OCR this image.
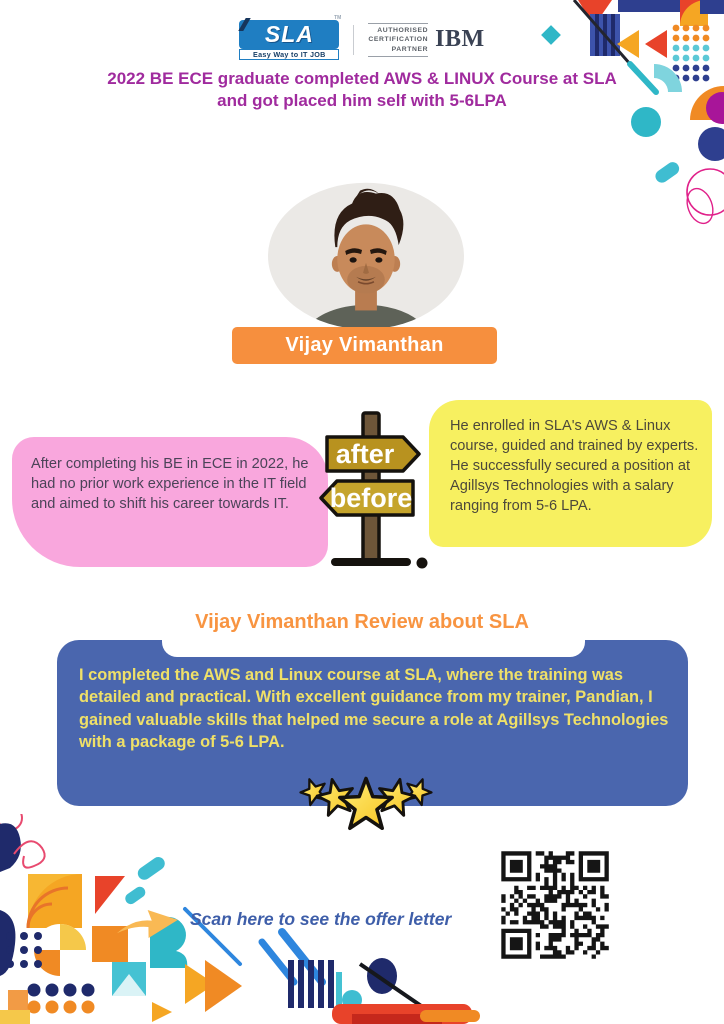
SLA
TM
Easy Way to IT JOB
AUTHORISED
CERTIFICATION
PARTNER IBM
2022 BE ECE graduate completed AWS & LINUX Course at SLA
and got placed him self with 5-6LPA
Vijay Vimanthan

After completing his BE in ECE in 2022, he had no prior work experience in the IT field and aimed to shift his career towards IT.

He enrolled in SLA's AWS & Linux course, guided and trained by experts. He successfully secured a position at Agillsys Technologies with a salary ranging from 5-6 LPA.

after
before
Vijay Vimanthan Review about SLA

I completed the AWS and Linux course at SLA, where the training was detailed and practical. With excellent guidance from my trainer, Pandian, I gained valuable skills that helped me secure a role at Agillsys Technologies with a package of 5-6 LPA.

Scan here to see the offer letter
